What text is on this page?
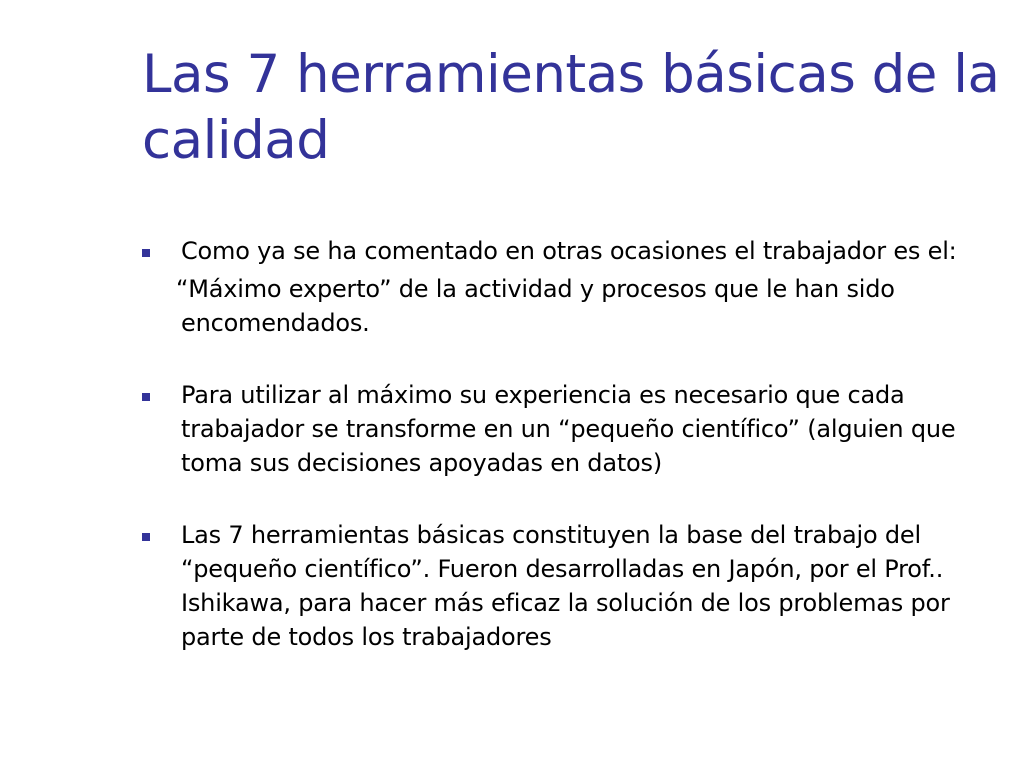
Las 7 herramientas básicas de la calidad

Como ya se ha comentado en otras ocasiones el trabajador es el:

“Máximo experto” de la actividad y procesos que le han sido encomendados.

Para utilizar al máximo su experiencia es necesario que cada trabajador se transforme en un “pequeño científico” (alguien que toma sus decisiones apoyadas en datos)

Las 7 herramientas básicas constituyen la base del trabajo del “pequeño científico”. Fueron desarrolladas en Japón, por el Prof.. Ishikawa, para hacer más eficaz la solución de los problemas por parte de todos los trabajadores
